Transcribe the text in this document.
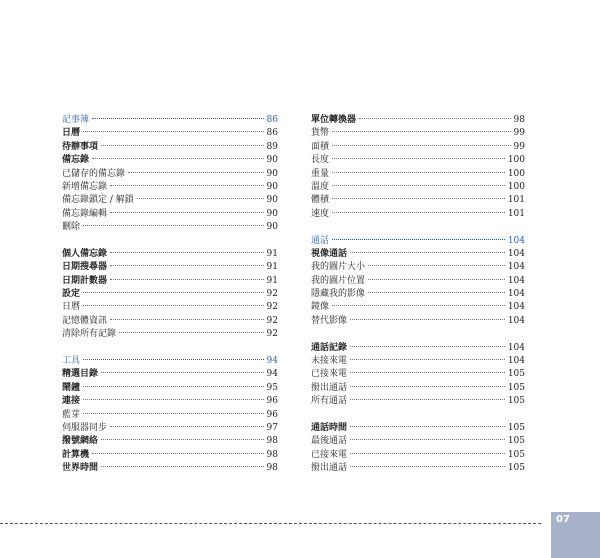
記事簿	86
日曆	86
待辦事項	89
備忘錄	90
已儲存的備忘錄	90
新增備忘錄	90
備忘錄鎖定 / 解鎖	90
備忘錄編輯	90
刪除	90
個人備忘錄	91
日期搜尋器	91
日期計數器	91
設定	92
日曆	92
記憶體資訊	92
清除所有記錄	92
工具	94
精選目錄	94
鬧鐘	95
連接	96
藍芽	96
伺服器同步	97
撥號網絡	98
計算機	98
世界時間	98
單位轉換器	98
貨幣	99
面積	99
長度	100
重量	100
溫度	100
體積	101
速度	101
通話	104
視像通話	104
我的圖片大小	104
我的圖片位置	104
隱藏我的影像	104
鏡像	104
替代影像	104
通話記錄	104
未接來電	104
已接來電	105
撥出通話	105
所有通話	105
通話時間	105
最後通話	105
已接來電	105
撥出通話	105
07
